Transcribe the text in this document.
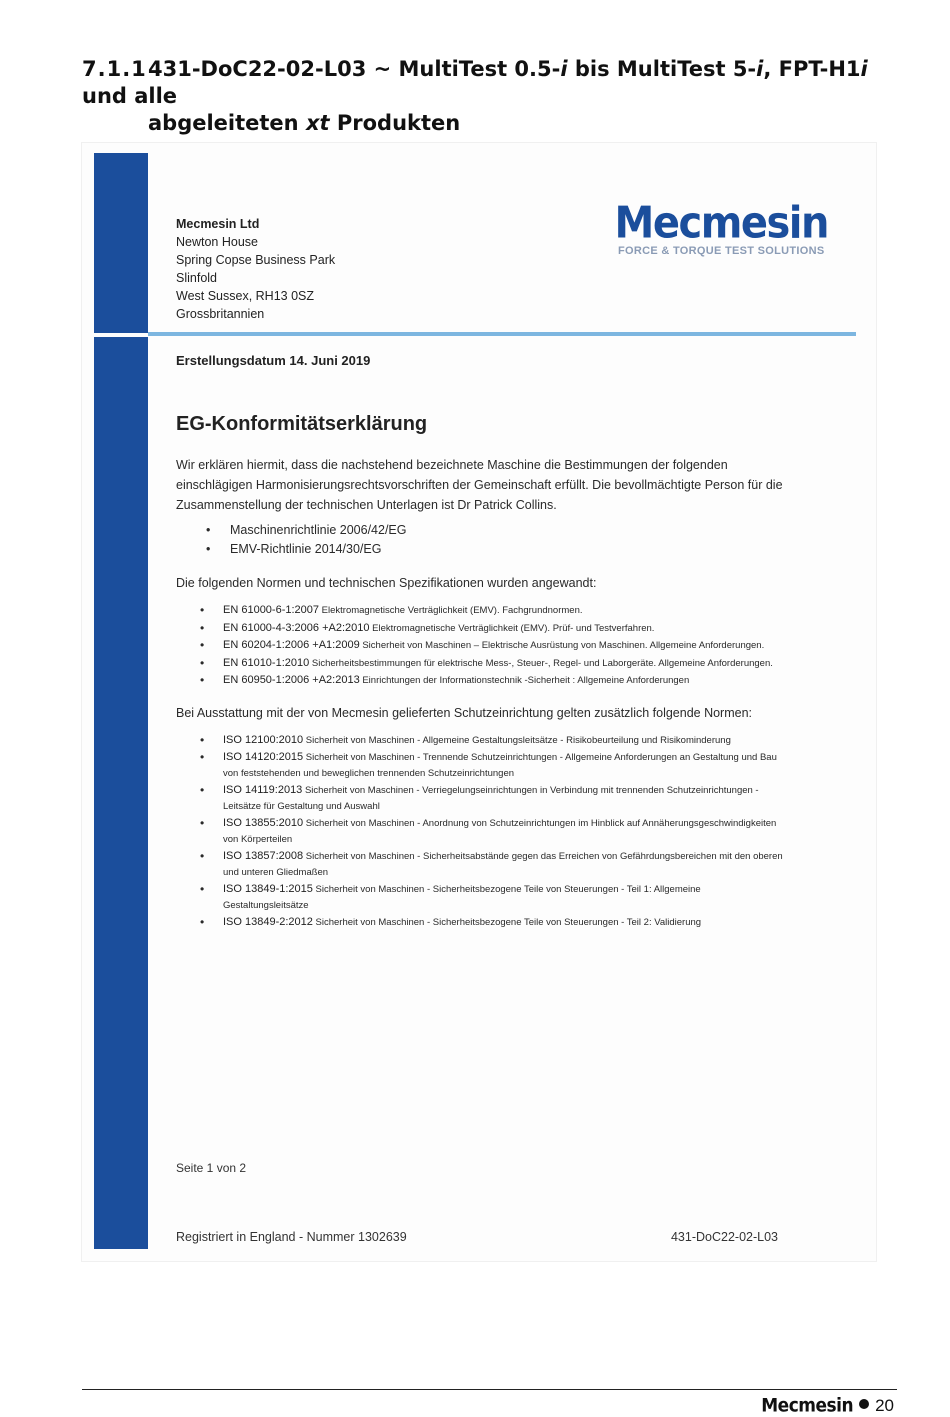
7.1.1431-DoC22-02-L03 ~ MultiTest 0.5-i bis MultiTest 5-i, FPT-H1i und alle
abgeleiteten xt Produkten
Mecmesin Ltd
Newton House
Spring Copse Business Park
Slinfold
West Sussex, RH13 0SZ
Grossbritannien
Mecmesin
FORCE & TORQUE TEST SOLUTIONS
Erstellungsdatum 14. Juni 2019
EG-Konformitätserklärung

Wir erklären hiermit, dass die nachstehend bezeichnete Maschine die Bestimmungen der folgenden einschlägigen Harmonisierungsrechtsvorschriften der Gemeinschaft erfüllt. Die bevollmächtigte Person für die Zusammenstellung der technischen Unterlagen ist Dr Patrick Collins.

• Maschinenrichtlinie 2006/42/EG
• EMV-Richtlinie 2014/30/EG

Die folgenden Normen und technischen Spezifikationen wurden angewandt:

• EN 61000-6-1:2007 Elektromagnetische Verträglichkeit (EMV). Fachgrundnormen.
• EN 61000-4-3:2006 +A2:2010 Elektromagnetische Verträglichkeit (EMV). Prüf- und Testverfahren.
• EN 60204-1:2006 +A1:2009 Sicherheit von Maschinen – Elektrische Ausrüstung von Maschinen. Allgemeine Anforderungen.
• EN 61010-1:2010 Sicherheitsbestimmungen für elektrische Mess-, Steuer-, Regel- und Laborgeräte. Allgemeine Anforderungen.
• EN 60950-1:2006 +A2:2013 Einrichtungen der Informationstechnik -Sicherheit : Allgemeine Anforderungen

Bei Ausstattung mit der von Mecmesin gelieferten Schutzeinrichtung gelten zusätzlich folgende Normen:

• ISO 12100:2010 Sicherheit von Maschinen - Allgemeine Gestaltungsleitsätze - Risikobeurteilung und Risikominderung
• ISO 14120:2015 Sicherheit von Maschinen - Trennende Schutzeinrichtungen - Allgemeine Anforderungen an Gestaltung und Bau von feststehenden und beweglichen trennenden Schutzeinrichtungen
• ISO 14119:2013 Sicherheit von Maschinen - Verriegelungseinrichtungen in Verbindung mit trennenden Schutzeinrichtungen - Leitsätze für Gestaltung und Auswahl
• ISO 13855:2010 Sicherheit von Maschinen - Anordnung von Schutzeinrichtungen im Hinblick auf Annäherungsgeschwindigkeiten von Körperteilen
• ISO 13857:2008 Sicherheit von Maschinen - Sicherheitsabstände gegen das Erreichen von Gefährdungsbereichen mit den oberen und unteren Gliedmaßen
• ISO 13849-1:2015 Sicherheit von Maschinen - Sicherheitsbezogene Teile von Steuerungen - Teil 1: Allgemeine Gestaltungsleitsätze
• ISO 13849-2:2012 Sicherheit von Maschinen - Sicherheitsbezogene Teile von Steuerungen - Teil 2: Validierung
Seite 1 von 2
Registriert in England - Nummer 1302639	431-DoC22-02-L03
Mecmesin 20
